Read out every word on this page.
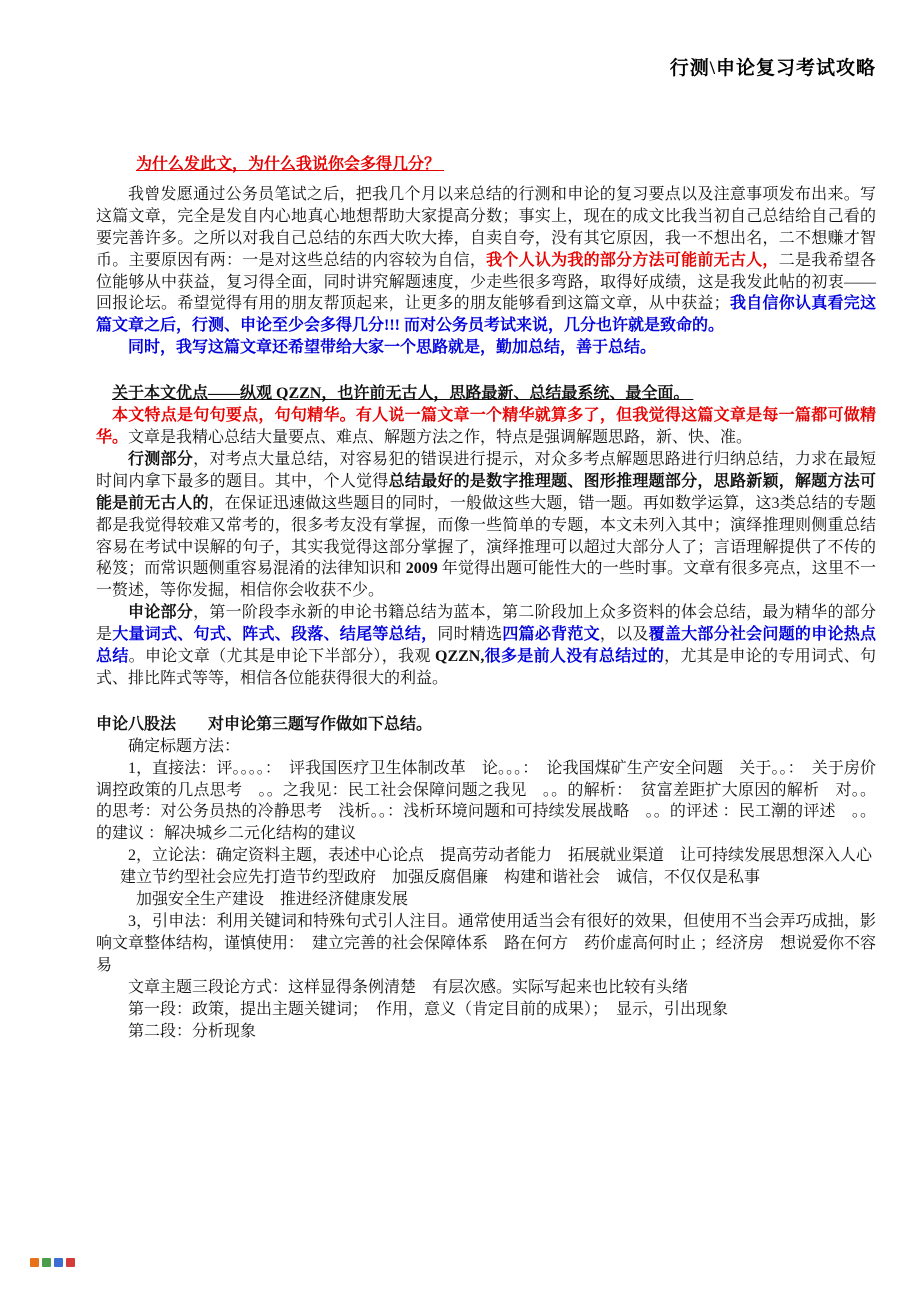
行测\申论复习考试攻略
为什么发此文，为什么我说你会多得几分？
我曾发愿通过公务员笔试之后，把我几个月以来总结的行测和申论的复习要点以及注意事项发布出来。写这篇文章，完全是发自内心地真心地想帮助大家提高分数；事实上，现在的成文比我当初自己总结给自己看的要完善许多。之所以对我自己总结的东西大吹大捧，自卖自夸，没有其它原因，我一不想出名，二不想赚才智币。主要原因有两：一是对这些总结的内容较为自信，我个人认为我的部分方法可能前无古人，二是我希望各位能够从中获益，复习得全面，同时讲究解题速度，少走些很多弯路，取得好成绩，这是我发此帖的初衷——回报论坛。希望觉得有用的朋友帮顶起来，让更多的朋友能够看到这篇文章，从中获益；我自信你认真看完这篇文章之后，行测、申论至少会多得几分!!! 而对公务员考试来说，几分也许就是致命的。
同时，我写这篇文章还希望带给大家一个思路就是，勤加总结，善于总结。
关于本文优点——纵观 QZZN，也许前无古人，思路最新、总结最系统、最全面。
本文特点是句句要点，句句精华。有人说一篇文章一个精华就算多了，但我觉得这篇文章是每一篇都可做精华。文章是我精心总结大量要点、难点、解题方法之作，特点是强调解题思路，新、快、准。
行测部分，对考点大量总结，对容易犯的错误进行提示，对众多考点解题思路进行归纳总结，力求在最短时间内拿下最多的题目。其中，个人觉得总结最好的是数字推理题、图形推理题部分，思路新颖，解题方法可能是前无古人的，在保证迅速做这些题目的同时，一般做这些大题，错一题。再如数学运算，这3类总结的专题都是我觉得较难又常考的，很多考友没有掌握，而像一些简单的专题，本文未列入其中；演绎推理则侧重总结容易在考试中误解的句子，其实我觉得这部分掌握了，演绎推理可以超过大部分人了；言语理解提供了不传的秘笈；而常识题侧重容易混淆的法律知识和 2009 年觉得出题可能性大的一些时事。文章有很多亮点，这里不一一赘述，等你发掘，相信你会收获不少。
申论部分，第一阶段李永新的申论书籍总结为蓝本，第二阶段加上众多资料的体会总结，最为精华的部分是大量词式、句式、阵式、段落、结尾等总结，同时精选四篇必背范文，以及覆盖大部分社会问题的申论热点总结。申论文章（尤其是申论下半部分），我观 QZZN,很多是前人没有总结过的，尤其是申论的专用词式、句式、排比阵式等等，相信各位能获得很大的利益。
申论八股法　　对申论第三题写作做如下总结。
确定标题方法：
1，直接法：评。。。。：　评我国医疗卫生体制改革　论。。。：　论我国煤矿生产安全问题　关于。。：　关于房价调控政策的几点思考　。。之我见：民工社会保障问题之我见　。。的解析：　贫富差距扩大原因的解析　对。。的思考：对公务员热的冷静思考　浅析。。：浅析环境问题和可持续发展战略　。。的评述 ：民工潮的评述　。。的建议 ：解决城乡二元化结构的建议
2，立论法：确定资料主题，表述中心论点　提高劳动者能力　拓展就业渠道　让可持续发展思想深入人心
建立节约型社会应先打造节约型政府　加强反腐倡廉　构建和谐社会　诚信，不仅仅是私事
加强安全生产建设　推进经济健康发展
3，引申法：利用关键词和特殊句式引人注目。通常使用适当会有很好的效果，但使用不当会弄巧成拙，影响文章整体结构，谨慎使用：　建立完善的社会保障体系　路在何方　药价虚高何时止 ；经济房　想说爱你不容易
文章主题三段论方式：这样显得条例清楚　有层次感。实际写起来也比较有头绪
第一段：政策，提出主题关键词；　作用，意义（肯定目前的成果）；　显示，引出现象
第二段：分析现象
